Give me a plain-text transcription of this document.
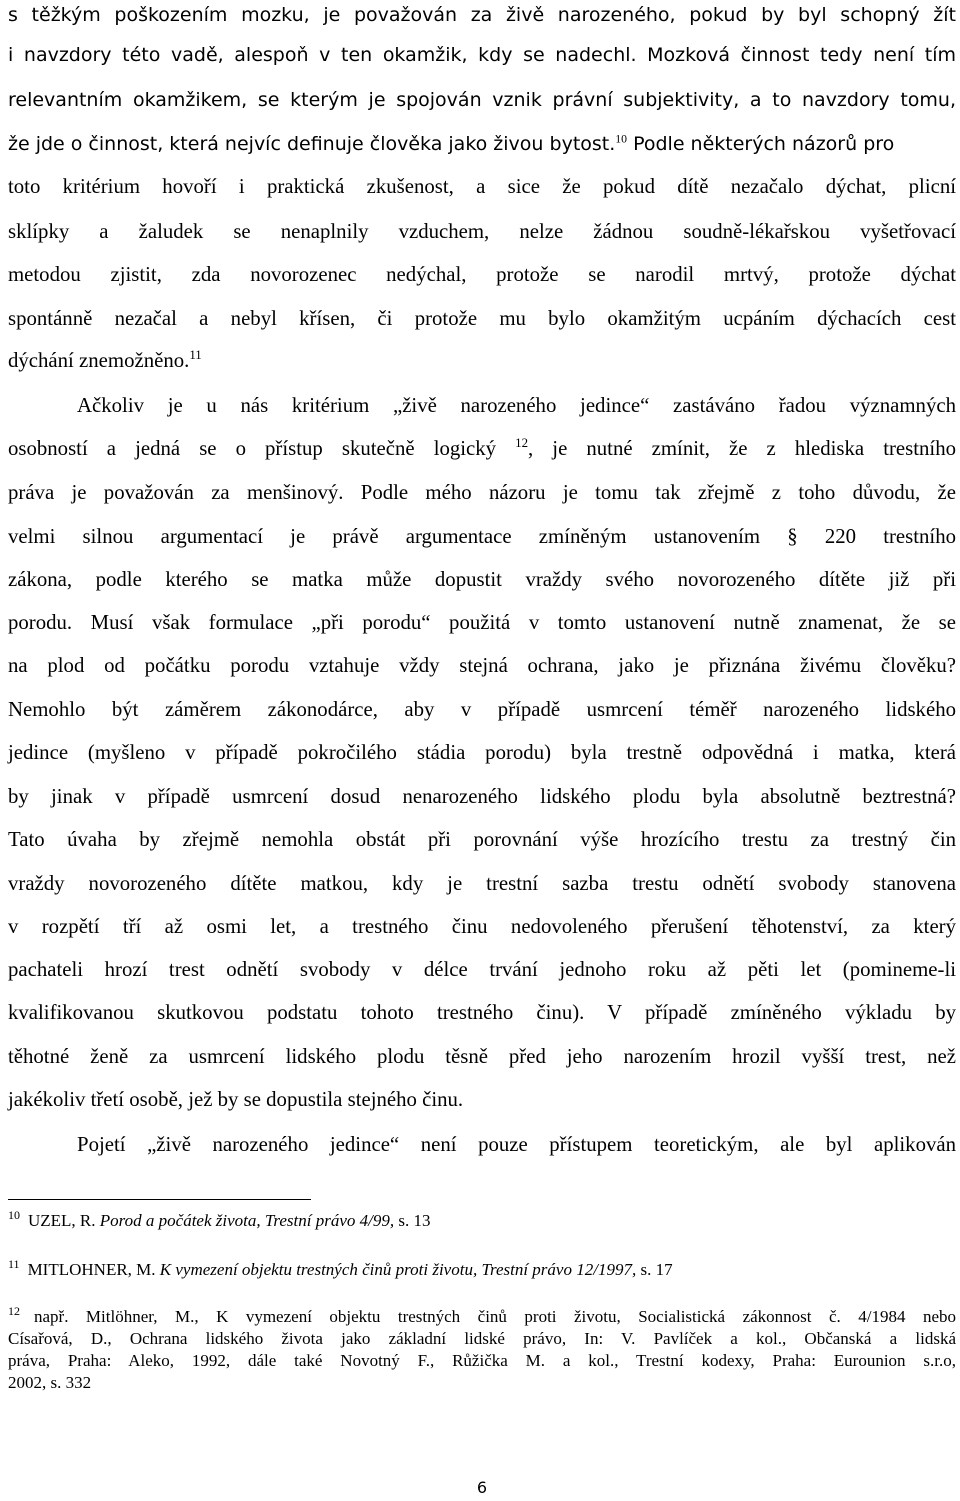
s těžkým poškozením mozku, je považován za živě narozeného, pokud by byl schopný žít
i navzdory této vadě, alespoň v ten okamžik, kdy se nadechl. Mozková činnost tedy není tím
relevantním okamžikem, se kterým je spojován vznik právní subjektivity, a to navzdory tomu,
že jde o činnost, která nejvíc definuje člověka jako živou bytost.$^{10}$ Podle některých názorů pro
toto kritérium hovoří i praktická zkušenost, a sice že pokud dítě nezačalo dýchat, plicní
sklípky a žaludek se nenaplnily vzduchem, nelze žádnou soudně-lékařskou vyšetřovací
metodou zjistit, zda novorozenec nedýchal, protože se narodil mrtvý, protože dýchat
spontánně nezačal a nebyl křísen, či protože mu bylo okamžitým ucpáním dýchacích cest
dýchání znemožněno.$^{11}$
Ačkoliv je u nás kritérium „živě narozeného jedince“ zastáváno řadou významných
osobností a jedná se o přístup skutečně logický $^{12}$, je nutné zmínit, že z hlediska trestního
práva je považován za menšinový. Podle mého názoru je tomu tak zřejmě z toho důvodu, že
velmi silnou argumentací je právě argumentace zmíněným ustanovením § 220 trestního
zákona, podle kterého se matka může dopustit vraždy svého novorozeného dítěte již při
porodu. Musí však formulace „při porodu“ použitá v tomto ustanovení nutně znamenat, že se
na plod od počátku porodu vztahuje vždy stejná ochrana, jako je přiznána živému člověku?
Nemohlo být záměrem zákonodárce, aby v případě usmrcení téměř narozeného lidského
jedince (myšleno v případě pokročilého stádia porodu) byla trestně odpovědná i matka, která
by jinak v případě usmrcení dosud nenarozeného lidského plodu byla absolutně beztrestná?
Tato úvaha by zřejmě nemohla obstát při porovnání výše hrozícího trestu za trestný čin
vraždy novorozeného dítěte matkou, kdy je trestní sazba trestu odnětí svobody stanovena
v rozpětí tří až osmi let, a trestného činu nedovoleného přerušení těhotenství, za který
pachateli hrozí trest odnětí svobody v délce trvání jednoho roku až pěti let (pomineme-li
kvalifikovanou skutkovou podstatu tohoto trestného činu). V případě zmíněného výkladu by
těhotné ženě za usmrcení lidského plodu těsně před jeho narozením hrozil vyšší trest, než
jakékoliv třetí osobě, jež by se dopustila stejného činu.
Pojetí „živě narozeného jedince“ není pouze přístupem teoretickým, ale byl aplikován
$^{10}$ UZEL, R. Porod a počátek života, Trestní právo 4/99, s. 13
$^{11}$ MITLOHNER, M. K vymezení objektu trestných činů proti životu, Trestní právo 12/1997, s. 17
$^{12}$ např. Mitlöhner, M., K vymezení objektu trestných činů proti životu, Socialistická zákonnost č. 4/1984 nebo
Císařová, D., Ochrana lidského života jako základní lidské právo, In: V. Pavlíček a kol., Občanská a lidská
práva, Praha: Aleko, 1992, dále také Novotný F., Růžička M. a kol., Trestní kodexy, Praha: Eurounion s.r.o,
2002, s. 332
6
